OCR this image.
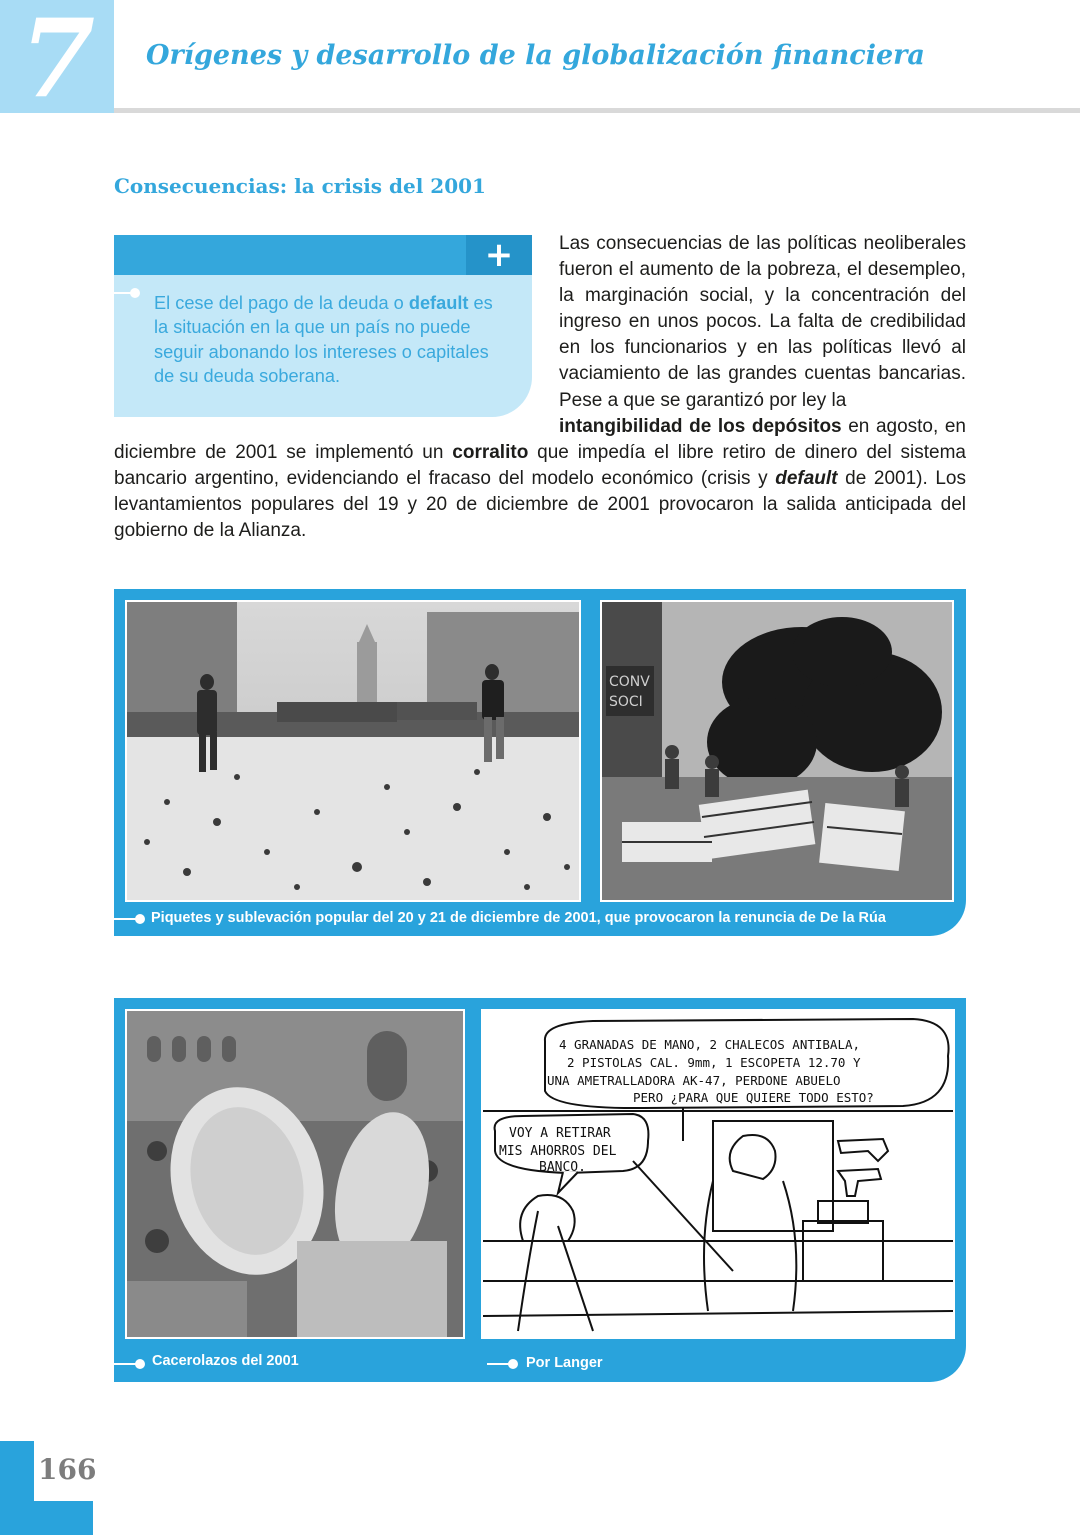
7 Orígenes y desarrollo de la globalización financiera
Consecuencias: la crisis del 2001
+
El cese del pago de la deuda o default es la situación en la que un país no puede seguir abonando los intereses o capitales de su deuda soberana.
Las consecuencias de las políticas neoliberales fueron el aumento de la pobreza, el desempleo, la marginación social, y la concentración del ingreso en unos pocos. La falta de credibilidad en los funcionarios y en las políticas llevó al vaciamiento de las grandes cuentas bancarias. Pese a que se garantizó por ley la
intangibilidad de los depósitos en agosto, en
diciembre de 2001 se implementó un corralito que impedía el libre retiro de dinero del sistema bancario argentino, evidenciando el fracaso del modelo económico (crisis y default de 2001). Los levantamientos populares del 19 y 20 de diciembre de 2001 provocaron la salida anticipada del gobierno de la Alianza.
CONV
SOCI
Piquetes y sublevación popular del 20 y 21 de diciembre de 2001, que provocaron la renuncia de De la Rúa
4 GRANADAS DE MANO, 2 CHALECOS ANTIBALA,
2 PISTOLAS CAL. 9mm, 1 ESCOPETA 12.70 Y
UNA AMETRALLADORA AK-47, PERDONE ABUELO
PERO ¿PARA QUE QUIERE TODO ESTO?
VOY A RETIRAR
MIS AHORROS DEL
BANCO.
Cacerolazos del 2001	Por Langer
166
